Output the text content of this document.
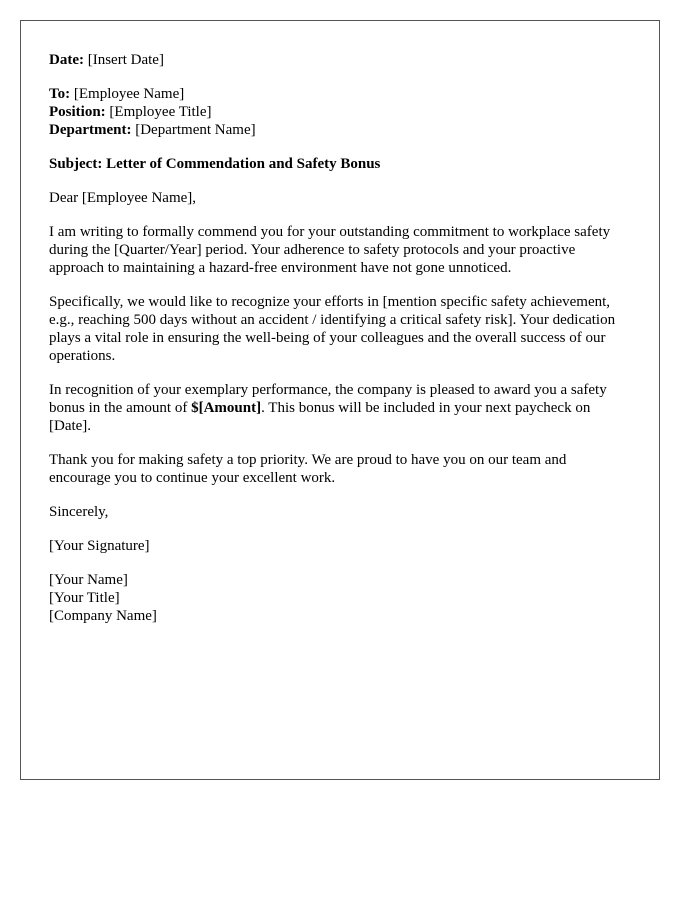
Date: [Insert Date]
To: [Employee Name]
Position: [Employee Title]
Department: [Department Name]
Subject: Letter of Commendation and Safety Bonus

Dear [Employee Name],

I am writing to formally commend you for your outstanding commitment to workplace safety during the [Quarter/Year] period. Your adherence to safety protocols and your proactive approach to maintaining a hazard-free environment have not gone unnoticed.

Specifically, we would like to recognize your efforts in [mention specific safety achievement, e.g., reaching 500 days without an accident / identifying a critical safety risk]. Your dedication plays a vital role in ensuring the well-being of your colleagues and the overall success of our operations.

In recognition of your exemplary performance, the company is pleased to award you a safety bonus in the amount of $[Amount]. This bonus will be included in your next paycheck on [Date].

Thank you for making safety a top priority. We are proud to have you on our team and encourage you to continue your excellent work.

Sincerely,

[Your Signature]

[Your Name]
[Your Title]
[Company Name]
